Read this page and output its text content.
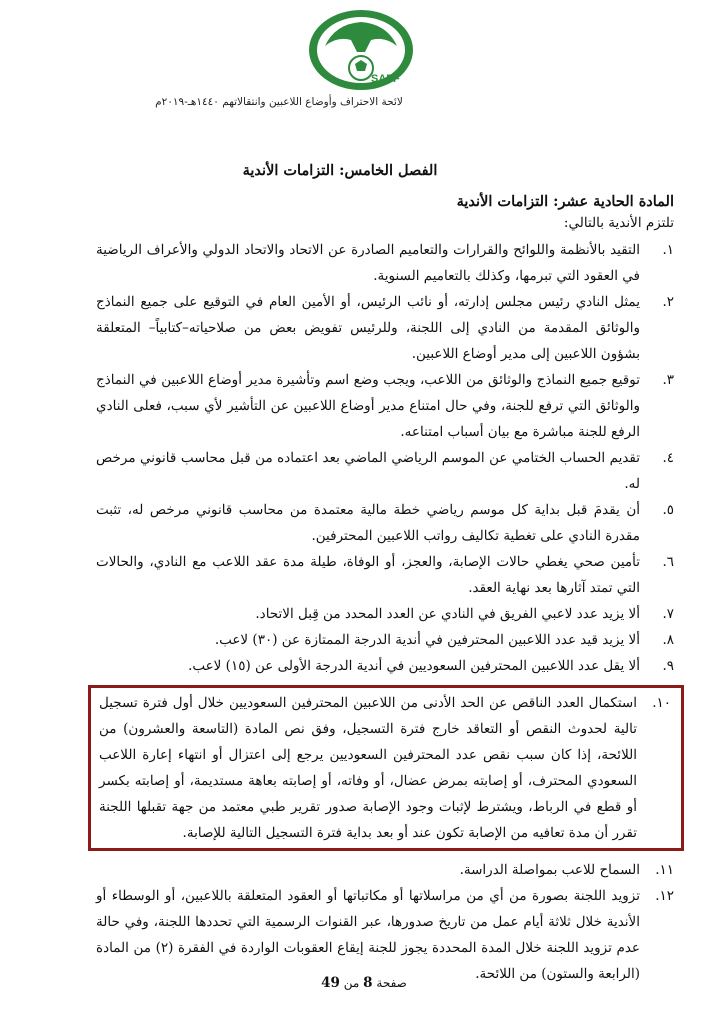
SAFF
لائحة الاحتراف وأوضاع اللاعبين وانتقالاتهم ١٤٤٠هـ-٢٠١٩م
الفصل الخامس: التزامات الأندية
المادة الحادية عشر: التزامات الأندية
تلتزم الأندية بالتالي:
١.
التقيد بالأنظمة واللوائح والقرارات والتعاميم الصادرة عن الاتحاد والاتحاد الدولي والأعراف الرياضية في العقود التي تبرمها، وكذلك بالتعاميم السنوية.
٢.
يمثل النادي رئيس مجلس إدارته، أو نائب الرئيس، أو الأمين العام في التوقيع على جميع النماذج والوثائق المقدمة من النادي إلى اللجنة، وللرئيس تفويض بعض من صلاحياته–كتابياً– المتعلقة بشؤون اللاعبين إلى مدير أوضاع اللاعبين.
٣.
توقيع جميع النماذج والوثائق من اللاعب، ويجب وضع اسم وتأشيرة مدير أوضاع اللاعبين في النماذج والوثائق التي ترفع للجنة، وفي حال امتناع مدير أوضاع اللاعبين عن التأشير لأي سبب، فعلى النادي الرفع للجنة مباشرة مع بيان أسباب امتناعه.
٤.
تقديم الحساب الختامي عن الموسم الرياضي الماضي بعد اعتماده من قبل محاسب قانوني مرخص له.
٥.
أن يقدمَ قبل بداية كل موسم رياضي خطة مالية معتمدة من محاسب قانوني مرخص له، تثبت مقدرة النادي على تغطية تكاليف رواتب اللاعبين المحترفين.
٦.
تأمين صحي يغطي حالات الإصابة، والعجز، أو الوفاة، طيلة مدة عقد اللاعب مع النادي، والحالات التي تمتد آثارها بعد نهاية العقد.
٧.
ألا يزيد عدد لاعبي الفريق في النادي عن العدد المحدد من قِبل الاتحاد.
٨.
ألا يزيد قيد عدد اللاعبين المحترفين في أندية الدرجة الممتازة عن (٣٠) لاعب.
٩.
ألا يقل عدد اللاعبين المحترفين السعوديين في أندية الدرجة الأولى عن (١٥) لاعب.
١٠.
استكمال العدد الناقص عن الحد الأدنى من اللاعبين المحترفين السعوديين خلال أول فترة تسجيل تالية لحدوث النقص أو التعاقد خارج فترة التسجيل، وفق نص المادة (التاسعة والعشرون) من اللائحة، إذا كان سبب نقص عدد المحترفين السعوديين يرجع إلى اعتزال أو انتهاء إعارة اللاعب السعودي المحترف، أو إصابته بمرض عضال، أو وفاته، أو إصابته بعاهة مستديمة، أو إصابته بكسر أو قطع في الرباط، ويشترط لإثبات وجود الإصابة صدور تقرير طبي معتمد من جهة تقبلها اللجنة تقرر أن مدة تعافيه من الإصابة تكون عند أو بعد بداية فترة التسجيل التالية للإصابة.
١١.
السماح للاعب بمواصلة الدراسة.
١٢.
تزويد اللجنة بصورة من أي من مراسلاتها أو مكاتباتها أو العقود المتعلقة باللاعبين، أو الوسطاء أو الأندية خلال ثلاثة أيام عمل من تاريخ صدورها، عبر القنوات الرسمية التي تحددها اللجنة، وفي حالة عدم تزويد اللجنة خلال المدة المحددة يجوز للجنة إيقاع العقوبات الواردة في الفقرة (٢) من المادة (الرابعة والستون) من اللائحة.
صفحة 8 من 49
